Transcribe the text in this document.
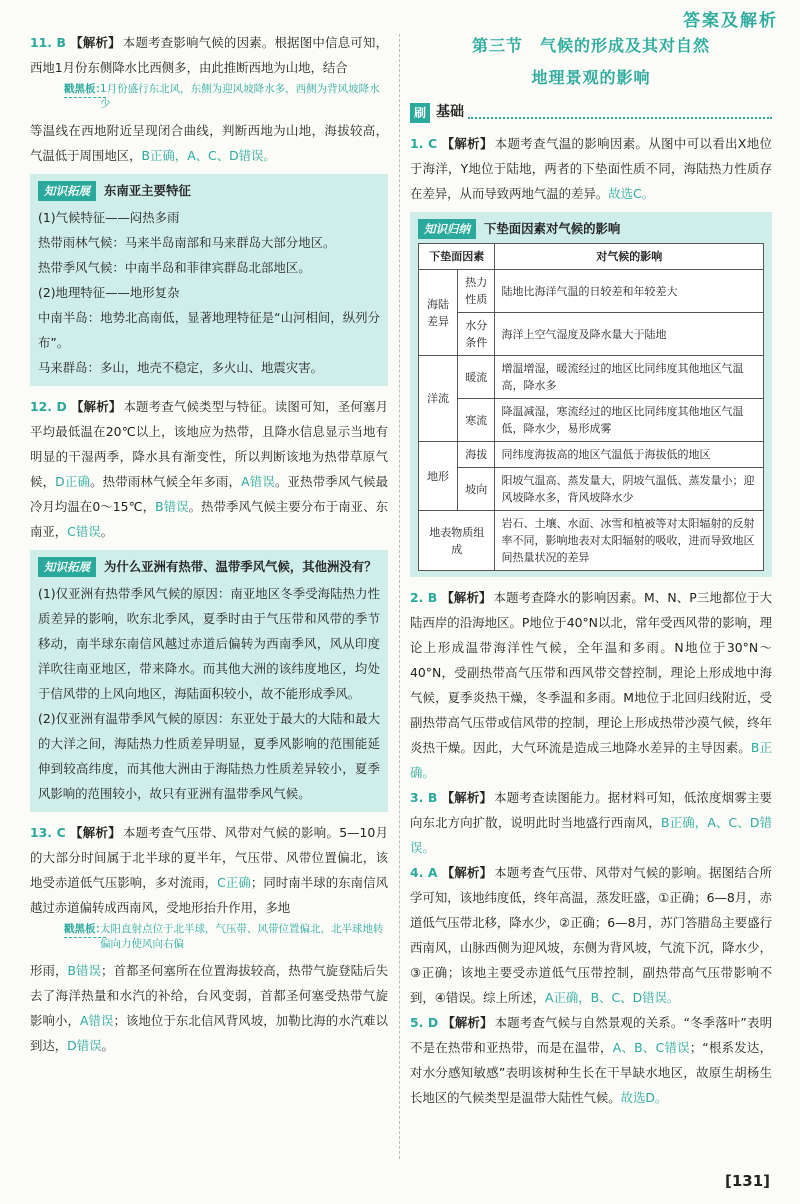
答案及解析

11. B 【解析】 本题考查影响气候的因素。根据图中信息可知，西地1月份东侧降水比西侧多，由此推断西地为山地，结合

戳黑板：
1月份盛行东北风，东侧为迎风坡降水多，西侧为背风坡降水少

等温线在西地附近呈现闭合曲线，判断西地为山地，海拔较高，气温低于周围地区，B正确，A、C、D错误。

知识拓展	东南亚主要特征

(1)气候特征——闷热多雨

热带雨林气候：马来半岛南部和马来群岛大部分地区。

热带季风气候：中南半岛和菲律宾群岛北部地区。

(2)地理特征——地形复杂

中南半岛：地势北高南低，显著地理特征是“山河相间，纵列分布”。

马来群岛：多山，地壳不稳定，多火山、地震灾害。

12. D 【解析】 本题考查气候类型与特征。读图可知，圣何塞月平均最低温在20℃以上，该地应为热带，且降水信息显示当地有明显的干湿两季，降水具有渐变性，所以判断该地为热带草原气候，D正确。热带雨林气候全年多雨，A错误。亚热带季风气候最冷月均温在0～15℃，B错误。热带季风气候主要分布于南亚、东南亚，C错误。

知识拓展	为什么亚洲有热带、温带季风气候，其他洲没有？

(1)仅亚洲有热带季风气候的原因：南亚地区冬季受海陆热力性质差异的影响，吹东北季风，夏季时由于气压带和风带的季节移动，南半球东南信风越过赤道后偏转为西南季风，风从印度洋吹往南亚地区，带来降水。而其他大洲的该纬度地区，均处于信风带的上风向地区，海陆面积较小，故不能形成季风。

(2)仅亚洲有温带季风气候的原因：东亚处于最大的大陆和最大的大洋之间，海陆热力性质差异明显，夏季风影响的范围能延伸到较高纬度，而其他大洲由于海陆热力性质差异较小，夏季风影响的范围较小，故只有亚洲有温带季风气候。

13. C 【解析】 本题考查气压带、风带对气候的影响。5—10月的大部分时间属于北半球的夏半年，气压带、风带位置偏北，该地受赤道低气压影响，多对流雨，C正确；同时南半球的东南信风越过赤道偏转成西南风，受地形抬升作用，多地

戳黑板：
太阳直射点位于北半球，气压带、风带位置偏北，北半球地转偏向力使风向右偏

形雨，B错误；首都圣何塞所在位置海拔较高，热带气旋登陆后失去了海洋热量和水汽的补给，台风变弱，首都圣何塞受热带气旋影响小，A错误；该地位于东北信风背风坡，加勒比海的水汽难以到达，D错误。

第三节　气候的形成及其对自然
地理景观的影响
刷 基础

1. C 【解析】 本题考查气温的影响因素。从图中可以看出X地位于海洋，Y地位于陆地，两者的下垫面性质不同，海陆热力性质存在差异，从而导致两地气温的差异。故选C。

知识归纳	下垫面因素对气候的影响
下垫面因素		对气候的影响
海陆差异	热力性质	陆地比海洋气温的日较差和年较差大
	水分条件	海洋上空气湿度及降水量大于陆地
洋流	暖流	增温增湿，暖流经过的地区比同纬度其他地区气温高，降水多
	寒流	降温减湿，寒流经过的地区比同纬度其他地区气温低，降水少，易形成雾
地形	海拔	同纬度海拔高的地区气温低于海拔低的地区
	坡向	阳坡气温高、蒸发量大，阴坡气温低、蒸发量小；迎风坡降水多，背风坡降水少
地表物质组成		岩石、土壤、水面、冰雪和植被等对太阳辐射的反射率不同，影响地表对太阳辐射的吸收，进而导致地区间热量状况的差异

2. B 【解析】 本题考查降水的影响因素。M、N、P三地都位于大陆西岸的沿海地区。P地位于40°N以北，常年受西风带的影响，理论上形成温带海洋性气候，全年温和多雨。N地位于30°N～40°N，受副热带高气压带和西风带交替控制，理论上形成地中海气候，夏季炎热干燥，冬季温和多雨。M地位于北回归线附近，受副热带高气压带或信风带的控制，理论上形成热带沙漠气候，终年炎热干燥。因此，大气环流是造成三地降水差异的主导因素。B正确。

3. B 【解析】 本题考查读图能力。据材料可知，低浓度烟雾主要向东北方向扩散，说明此时当地盛行西南风，B正确，A、C、D错误。

4. A 【解析】 本题考查气压带、风带对气候的影响。据图结合所学可知，该地纬度低，终年高温，蒸发旺盛，①正确；6—8月，赤道低气压带北移，降水少，②正确；6—8月，苏门答腊岛主要盛行西南风，山脉西侧为迎风坡，东侧为背风坡，气流下沉，降水少，③正确；该地主要受赤道低气压带控制，副热带高气压带影响不到，④错误。综上所述，A正确，B、C、D错误。

5. D 【解析】 本题考查气候与自然景观的关系。“冬季落叶”表明不是在热带和亚热带，而是在温带，A、B、C错误；“根系发达，对水分感知敏感”表明该树种生长在干旱缺水地区，故原生胡杨生长地区的气候类型是温带大陆性气候。故选D。

[131]
